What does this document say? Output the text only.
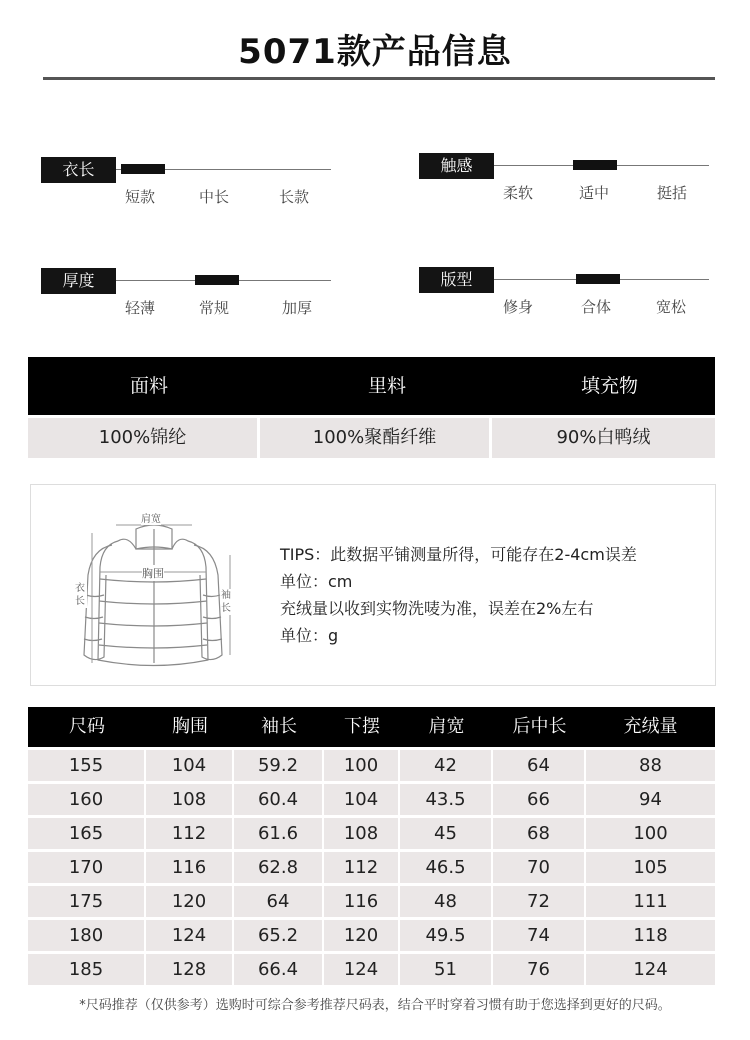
5071款产品信息
衣长
短款	中长	长款
触感
柔软	适中	挺括
厚度
轻薄	常规	加厚
版型
修身	合体	宽松
面料	里料	填充物
100%锦纶	100%聚酯纤维	90%白鸭绒
肩宽
胸围
衣长
袖长
TIPS：此数据平铺测量所得，可能存在2-4cm误差
单位：cm
充绒量以收到实物洗唛为准，误差在2%左右
单位：g
尺码	胸围	袖长	下摆	肩宽	后中长	充绒量
155	104	59.2	100	42	64	88
160	108	60.4	104	43.5	66	94
165	112	61.6	108	45	68	100
170	116	62.8	112	46.5	70	105
175	120	64	116	48	72	111
180	124	65.2	120	49.5	74	118
185	128	66.4	124	51	76	124
*尺码推荐（仅供参考）选购时可综合参考推荐尺码表，结合平时穿着习惯有助于您选择到更好的尺码。
